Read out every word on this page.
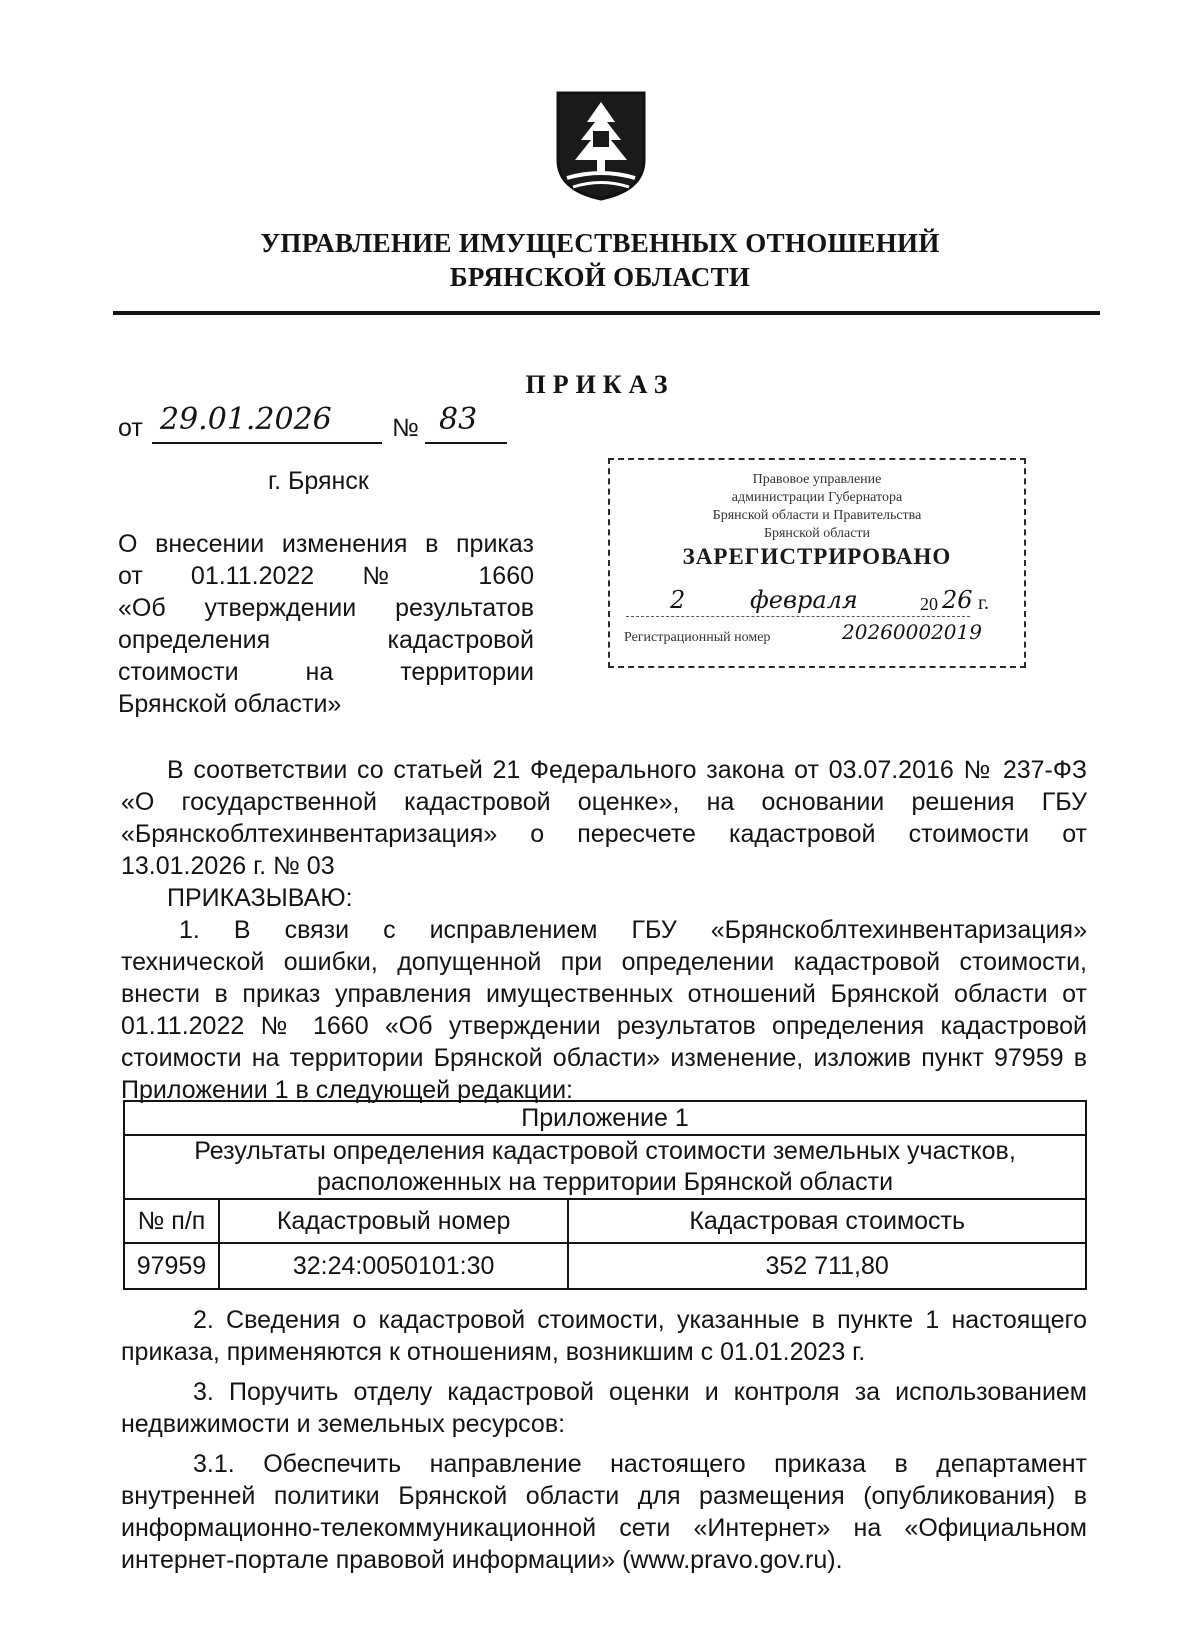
УПРАВЛЕНИЕ ИМУЩЕСТВЕННЫХ ОТНОШЕНИЙ
БРЯНСКОЙ ОБЛАСТИ
ПРИКАЗ
от 29.01.2026 № 83
г. Брянск
О внесении изменения в приказ
от 01.11.2022 № 1660
«Об утверждении результатов
определения кадастровой
стоимости на территории
Брянской области»
Правовое управление
администрации Губернатора
Брянской области и Правительства
Брянской области
ЗАРЕГИСТРИРОВАНО
2	февраля	20 26 г.
Регистрационный номер	20260002019
В соответствии со статьей 21 Федерального закона от 03.07.2016 № 237-ФЗ
«О государственной кадастровой оценке», на основании решения ГБУ
«Брянскоблтехинвентаризация» о пересчете кадастровой стоимости от
13.01.2026 г. № 03
ПРИКАЗЫВАЮ:
1. В связи с исправлением ГБУ «Брянскоблтехинвентаризация»
технической ошибки, допущенной при определении кадастровой стоимости,
внести в приказ управления имущественных отношений Брянской области от
01.11.2022 № 1660 «Об утверждении результатов определения кадастровой
стоимости на территории Брянской области» изменение, изложив пункт 97959 в
Приложении 1 в следующей редакции:
Приложение 1		

Результаты определения кадастровой стоимости земельных участков,
расположенных на территории Брянской области		

№ п/п	Кадастровый номер	Кадастровая стоимость
97959	32:24:0050101:30	352 711,80
2. Сведения о кадастровой стоимости, указанные в пункте 1 настоящего
приказа, применяются к отношениям, возникшим с 01.01.2023 г.
3. Поручить отделу кадастровой оценки и контроля за использованием
недвижимости и земельных ресурсов:
3.1. Обеспечить направление настоящего приказа в департамент
внутренней политики Брянской области для размещения (опубликования) в
информационно-телекоммуникационной сети «Интернет» на «Официальном
интернет-портале правовой информации» (www.pravo.gov.ru).
